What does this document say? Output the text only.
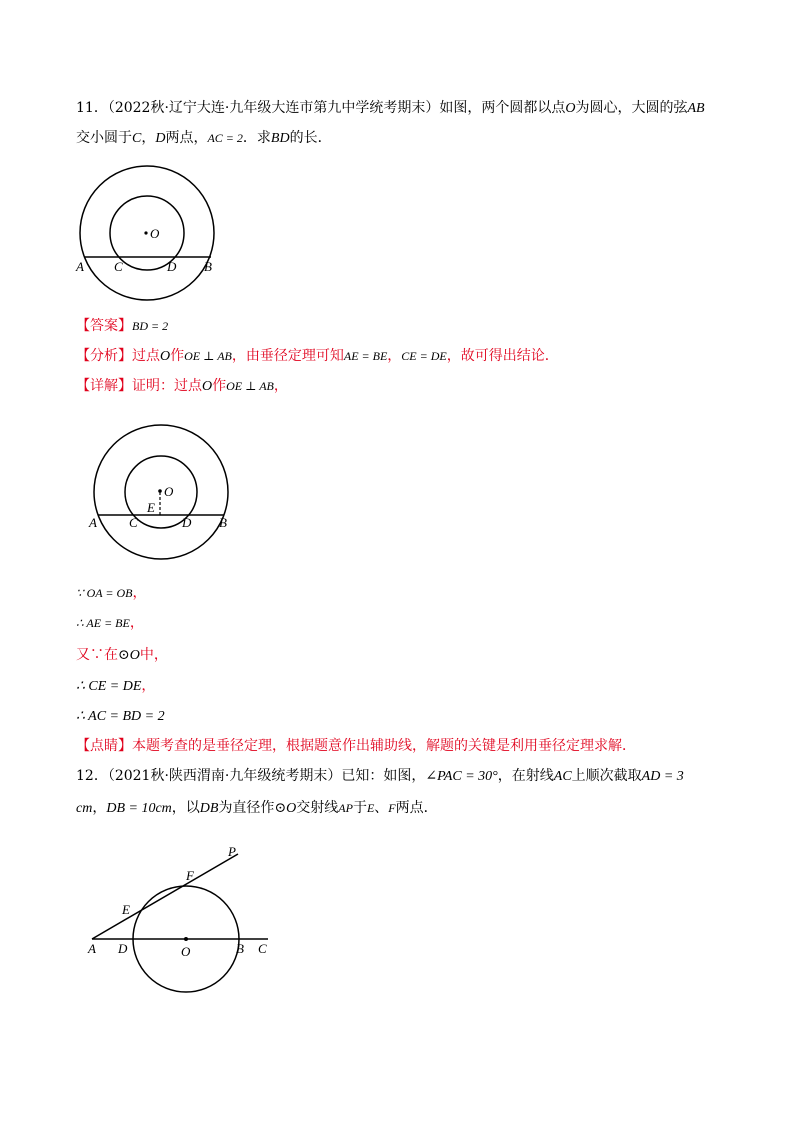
11．（2022秋·辽宁大连·九年级大连市第九中学统考期末）如图，两个圆都以点O为圆心，大圆的弦AB
交小圆于C，D两点，AC = 2．求BD的长．
O
A C	D B
【答案】BD = 2
【分析】过点O作OE ⊥ AB，由垂径定理可知AE = BE，CE = DE，故可得出结论．
【详解】证明：过点O作OE ⊥ AB，
O
E
A C	D B
∵ OA = OB，
∴ AE = BE，
又∵在⊙O中，
∴ CE = DE，
∴ AC = BD = 2
【点睛】本题考查的是垂径定理，根据题意作出辅助线，解题的关键是利用垂径定理求解．
12．（2021秋·陕西渭南·九年级统考期末）已知：如图，∠PAC = 30°，在射线AC上顺次截取AD = 3
cm，DB = 10cm，以DB为直径作⊙O交射线AP于E、F两点．
P
F
E
A D	O	B C
